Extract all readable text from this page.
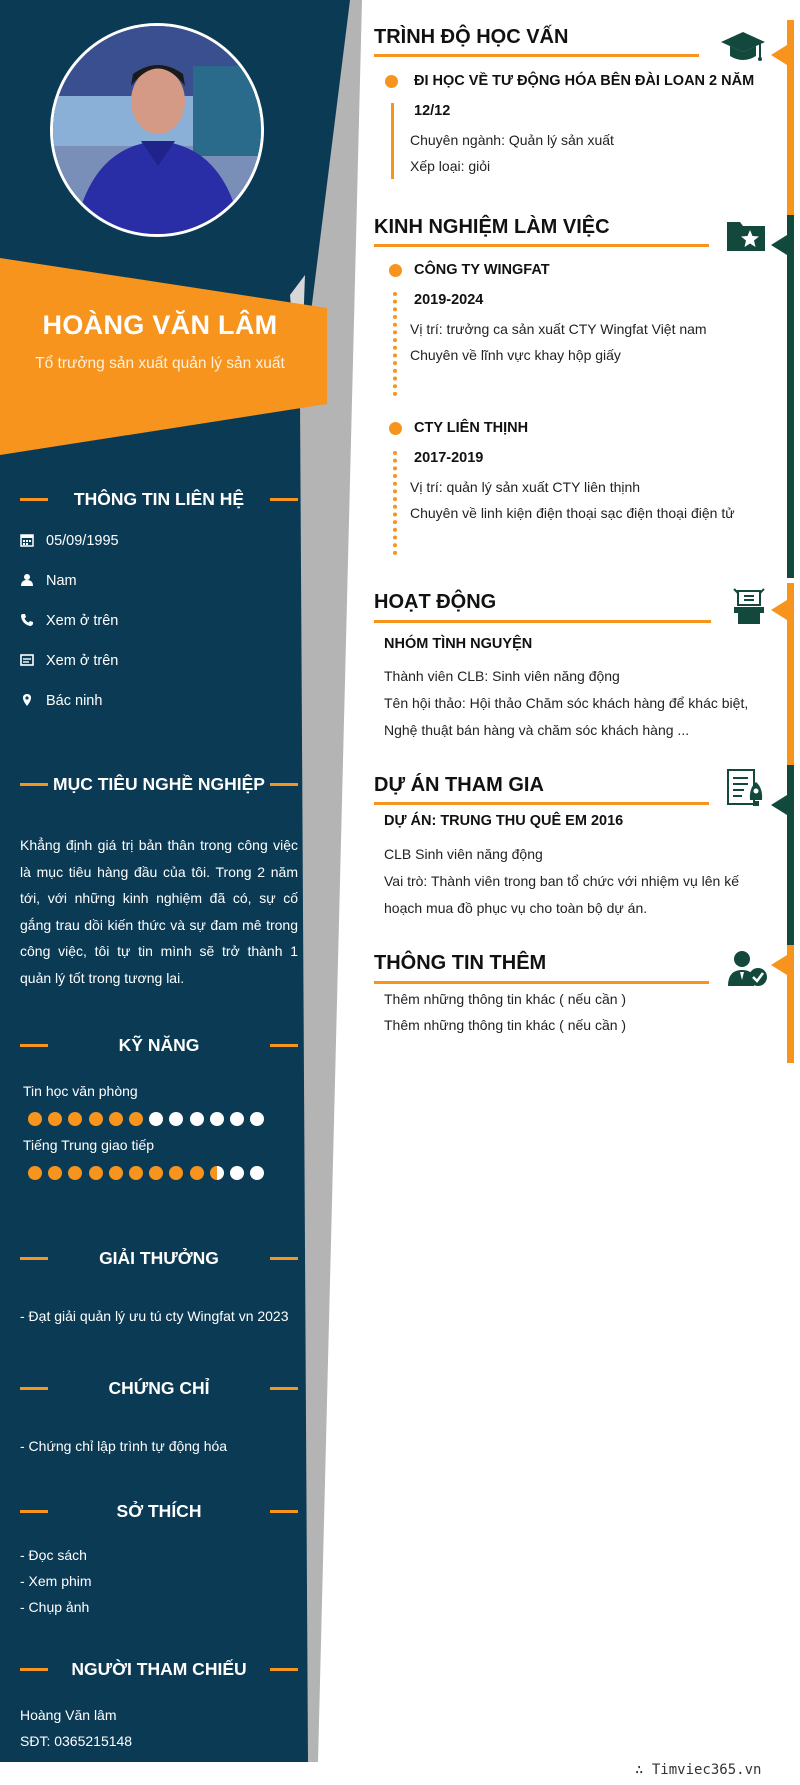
HOÀNG VĂN LÂM
Tổ trưởng sản xuất quản lý sản xuất
THÔNG TIN LIÊN HỆ
05/09/1995
Nam
Xem ở trên
Xem ở trên
Bác ninh
MỤC TIÊU NGHỀ NGHIỆP
Khẳng định giá trị bản thân trong công việc là mục tiêu hàng đầu của tôi. Trong 2 năm tới, với những kinh nghiệm đã có, sự cố gắng trau dồi kiến thức và sự đam mê trong công việc, tôi tự tin mình sẽ trở thành 1 quản lý tốt trong tương lai.
KỸ NĂNG
Tin học văn phòng
Tiếng Trung giao tiếp
GIẢI THƯỞNG
- Đạt giải quản lý ưu tú cty Wingfat vn 2023
CHỨNG CHỈ
- Chứng chỉ lập trình tự động hóa
SỞ THÍCH
- Đọc sách
- Xem phim
- Chụp ảnh
NGƯỜI THAM CHIẾU
Hoàng Văn lâm
SĐT: 0365215148
TRÌNH ĐỘ HỌC VẤN
ĐI HỌC VỀ TƯ ĐỘNG HÓA BÊN ĐÀI LOAN 2 NĂM
12/12
Chuyên ngành: Quản lý sản xuất
Xếp loại: giỏi
KINH NGHIỆM LÀM VIỆC
CÔNG TY WINGFAT
2019-2024
Vị trí: trưởng ca sản xuất CTY Wingfat Việt nam
Chuyên về lĩnh vực khay hộp giấy
CTY LIÊN THỊNH
2017-2019
Vị trí: quản lý sản xuất CTY liên thịnh
Chuyên về linh kiện điện thoại sạc điện thoại điện tử
HOẠT ĐỘNG
NHÓM TÌNH NGUYỆN
Thành viên CLB: Sinh viên năng động
Tên hội thảo: Hội thảo Chăm sóc khách hàng để khác biệt,
Nghệ thuật bán hàng và chăm sóc khách hàng ...
DỰ ÁN THAM GIA
DỰ ÁN: TRUNG THU QUÊ EM 2016
CLB Sinh viên năng động
Vai trò: Thành viên trong ban tổ chức với nhiệm vụ lên kế
hoạch mua đồ phục vụ cho toàn bộ dự án.
THÔNG TIN THÊM
Thêm những thông tin khác ( nếu cần )
Thêm những thông tin khác ( nếu cần )
∴ Timviec365.vn
